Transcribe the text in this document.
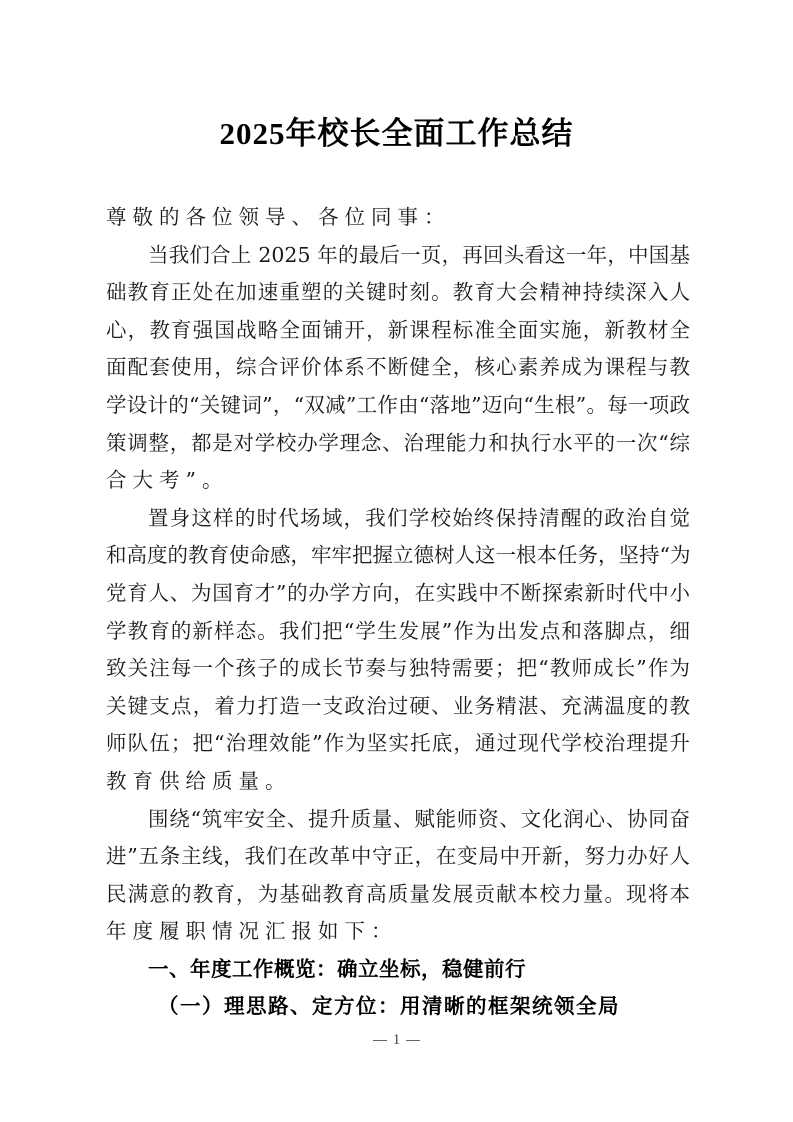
2025年校长全面工作总结
尊敬的各位领导、各位同事：
当我们合上 2025 年的最后一页，再回头看这一年，中国基
础教育正处在加速重塑的关键时刻。教育大会精神持续深入人
心，教育强国战略全面铺开，新课程标准全面实施，新教材全
面配套使用，综合评价体系不断健全，核心素养成为课程与教
学设计的“关键词”，“双减”工作由“落地”迈向“生根”。每一项政
策调整，都是对学校办学理念、治理能力和执行水平的一次“综
合大考”。
置身这样的时代场域，我们学校始终保持清醒的政治自觉
和高度的教育使命感，牢牢把握立德树人这一根本任务，坚持“为
党育人、为国育才”的办学方向，在实践中不断探索新时代中小
学教育的新样态。我们把“学生发展”作为出发点和落脚点，细
致关注每一个孩子的成长节奏与独特需要；把“教师成长”作为
关键支点，着力打造一支政治过硬、业务精湛、充满温度的教
师队伍；把“治理效能”作为坚实托底，通过现代学校治理提升
教育供给质量。
围绕“筑牢安全、提升质量、赋能师资、文化润心、协同奋
进”五条主线，我们在改革中守正，在变局中开新，努力办好人
民满意的教育，为基础教育高质量发展贡献本校力量。现将本
年度履职情况汇报如下：
一、年度工作概览：确立坐标，稳健前行
（一）理思路、定方位：用清晰的框架统领全局
1
